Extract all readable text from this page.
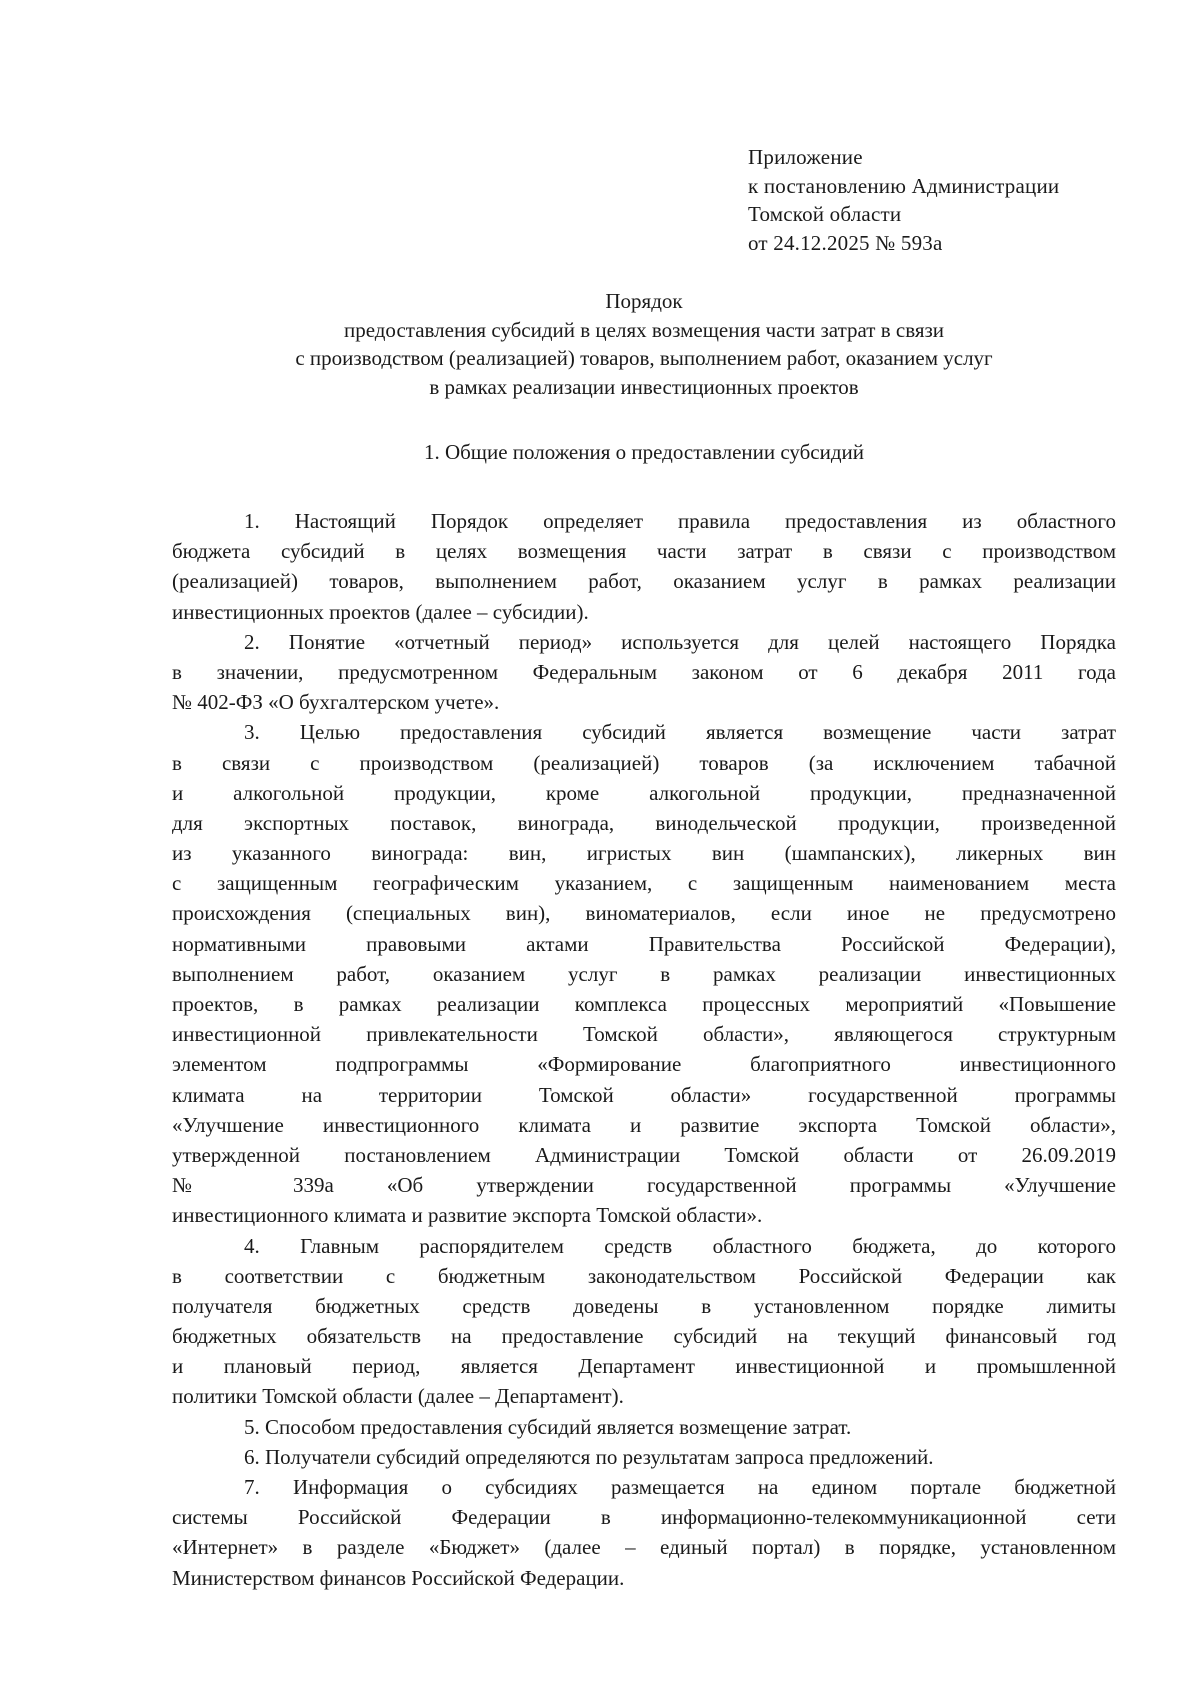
Приложение
к постановлению Администрации
Томской области
от 24.12.2025 № 593а
Порядок
предоставления субсидий в целях возмещения части затрат в связи
с производством (реализацией) товаров, выполнением работ, оказанием услуг
в рамках реализации инвестиционных проектов
1. Общие положения о предоставлении субсидий
1. Настоящий Порядок определяет правила предоставления из областного
бюджета субсидий в целях возмещения части затрат в связи с производством
(реализацией) товаров, выполнением работ, оказанием услуг в рамках реализации
инвестиционных проектов (далее – субсидии).
2. Понятие «отчетный период» используется для целей настоящего Порядка
в значении, предусмотренном Федеральным законом от 6 декабря 2011 года
№ 402-ФЗ «О бухгалтерском учете».
3. Целью предоставления субсидий является возмещение части затрат
в связи с производством (реализацией) товаров (за исключением табачной
и алкогольной продукции, кроме алкогольной продукции, предназначенной
для экспортных поставок, винограда, винодельческой продукции, произведенной
из указанного винограда: вин, игристых вин (шампанских), ликерных вин
с защищенным географическим указанием, с защищенным наименованием места
происхождения (специальных вин), виноматериалов, если иное не предусмотрено
нормативными правовыми актами Правительства Российской Федерации),
выполнением работ, оказанием услуг в рамках реализации инвестиционных
проектов, в рамках реализации комплекса процессных мероприятий «Повышение
инвестиционной привлекательности Томской области», являющегося структурным
элементом подпрограммы «Формирование благоприятного инвестиционного
климата на территории Томской области» государственной программы
«Улучшение инвестиционного климата и развитие экспорта Томской области»,
утвержденной постановлением Администрации Томской области от 26.09.2019
№ 339а «Об утверждении государственной программы «Улучшение
инвестиционного климата и развитие экспорта Томской области».
4. Главным распорядителем средств областного бюджета, до которого
в соответствии с бюджетным законодательством Российской Федерации как
получателя бюджетных средств доведены в установленном порядке лимиты
бюджетных обязательств на предоставление субсидий на текущий финансовый год
и плановый период, является Департамент инвестиционной и промышленной
политики Томской области (далее – Департамент).
5. Способом предоставления субсидий является возмещение затрат.
6. Получатели субсидий определяются по результатам запроса предложений.
7. Информация о субсидиях размещается на едином портале бюджетной
системы Российской Федерации в информационно-телекоммуникационной сети
«Интернет» в разделе «Бюджет» (далее – единый портал) в порядке, установленном
Министерством финансов Российской Федерации.
